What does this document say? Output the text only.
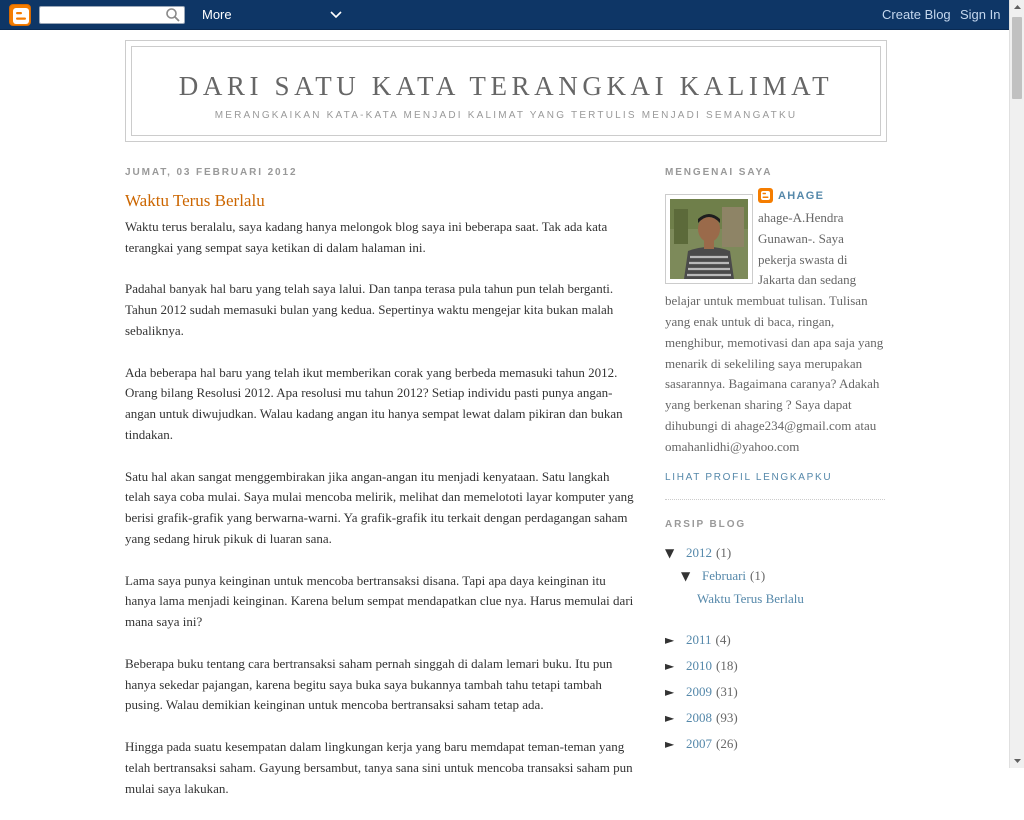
More	Create Blog Sign In
DARI SATU KATA TERANGKAI KALIMAT
MERANGKAIKAN KATA-KATA MENJADI KALIMAT YANG TERTULIS MENJADI SEMANGATKU
JUMAT, 03 FEBRUARI 2012
Waktu Terus Berlalu

Waktu terus beralalu, saya kadang hanya melongok blog saya ini beberapa saat. Tak ada kata terangkai yang sempat saya ketikan di dalam halaman ini.

Padahal banyak hal baru yang telah saya lalui. Dan tanpa terasa pula tahun pun telah berganti. Tahun 2012 sudah memasuki bulan yang kedua. Sepertinya waktu mengejar kita bukan malah sebaliknya.

Ada beberapa hal baru yang telah ikut memberikan corak yang berbeda memasuki tahun 2012. Orang bilang Resolusi 2012. Apa resolusi mu tahun 2012? Setiap individu pasti punya angan-angan untuk diwujudkan. Walau kadang angan itu hanya sempat lewat dalam pikiran dan bukan tindakan.

Satu hal akan sangat menggembirakan jika angan-angan itu menjadi kenyataan. Satu langkah telah saya coba mulai. Saya mulai mencoba melirik, melihat dan memelototi layar komputer yang berisi grafik-grafik yang berwarna-warni. Ya grafik-grafik itu terkait dengan perdagangan saham yang sedang hiruk pikuk di luaran sana.

Lama saya punya keinginan untuk mencoba bertransaksi disana. Tapi apa daya keinginan itu hanya lama menjadi keinginan. Karena belum sempat mendapatkan clue nya. Harus memulai dari mana saya ini?

Beberapa buku tentang cara bertransaksi saham pernah singgah di dalam lemari buku. Itu pun hanya sekedar pajangan, karena begitu saya buka saya bukannya tambah tahu tetapi tambah pusing. Walau demikian keinginan untuk mencoba bertransaksi saham tetap ada.

Hingga pada suatu kesempatan dalam lingkungan kerja yang baru memdapat teman-teman yang telah bertransaksi saham. Gayung bersambut, tanya sana sini untuk mencoba transaksi saham pun mulai saya lakukan.

MENGENAI SAYA
AHAGE
ahage-A.Hendra Gunawan-. Saya pekerja swasta di Jakarta dan sedang belajar untuk membuat tulisan. Tulisan yang enak untuk di baca, ringan, menghibur, memotivasi dan apa saja yang menarik di sekeliling saya merupakan sasarannya. Bagaimana caranya? Adakah yang berkenan sharing ? Saya dapat dihubungi di ahage234@gmail.com atau omahanlidhi@yahoo.com
LIHAT PROFIL LENGKAPKU
ARSIP BLOG
▼ 2012 (1)
▼ Februari (1)
Waktu Terus Berlalu
► 2011 (4)
► 2010 (18)
► 2009 (31)
► 2008 (93)
► 2007 (26)
